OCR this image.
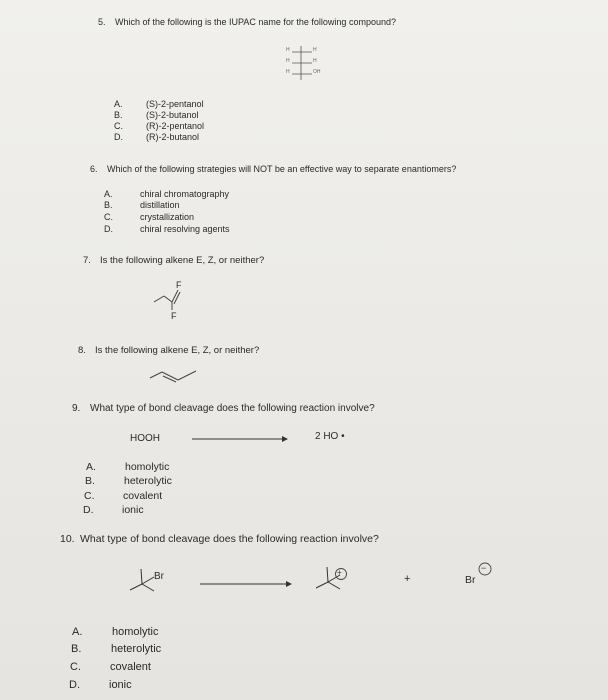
5. Which of the following is the IUPAC name for the following compound?
H	H
H	H
H	OH
A.	(S)-2-pentanol
B.	(S)-2-butanol
C.	(R)-2-pentanol
D.	(R)-2-butanol
6. Which of the following strategies will NOT be an effective way to separate enantiomers?
A.	chiral chromatography
B.	distillation
C.	crystallization
D.	chiral resolving agents
7. Is the following alkene E, Z, or neither?
F
F
8. Is the following alkene E, Z, or neither?
9. What type of bond cleavage does the following reaction involve?
HOOH	2 HO •
A.	homolytic
B.	heterolytic
C.	covalent
D.	ionic
10. What type of bond cleavage does the following reaction involve?
Br	+
+	Br
−
A.	homolytic
B.	heterolytic
C.	covalent
D.	ionic
